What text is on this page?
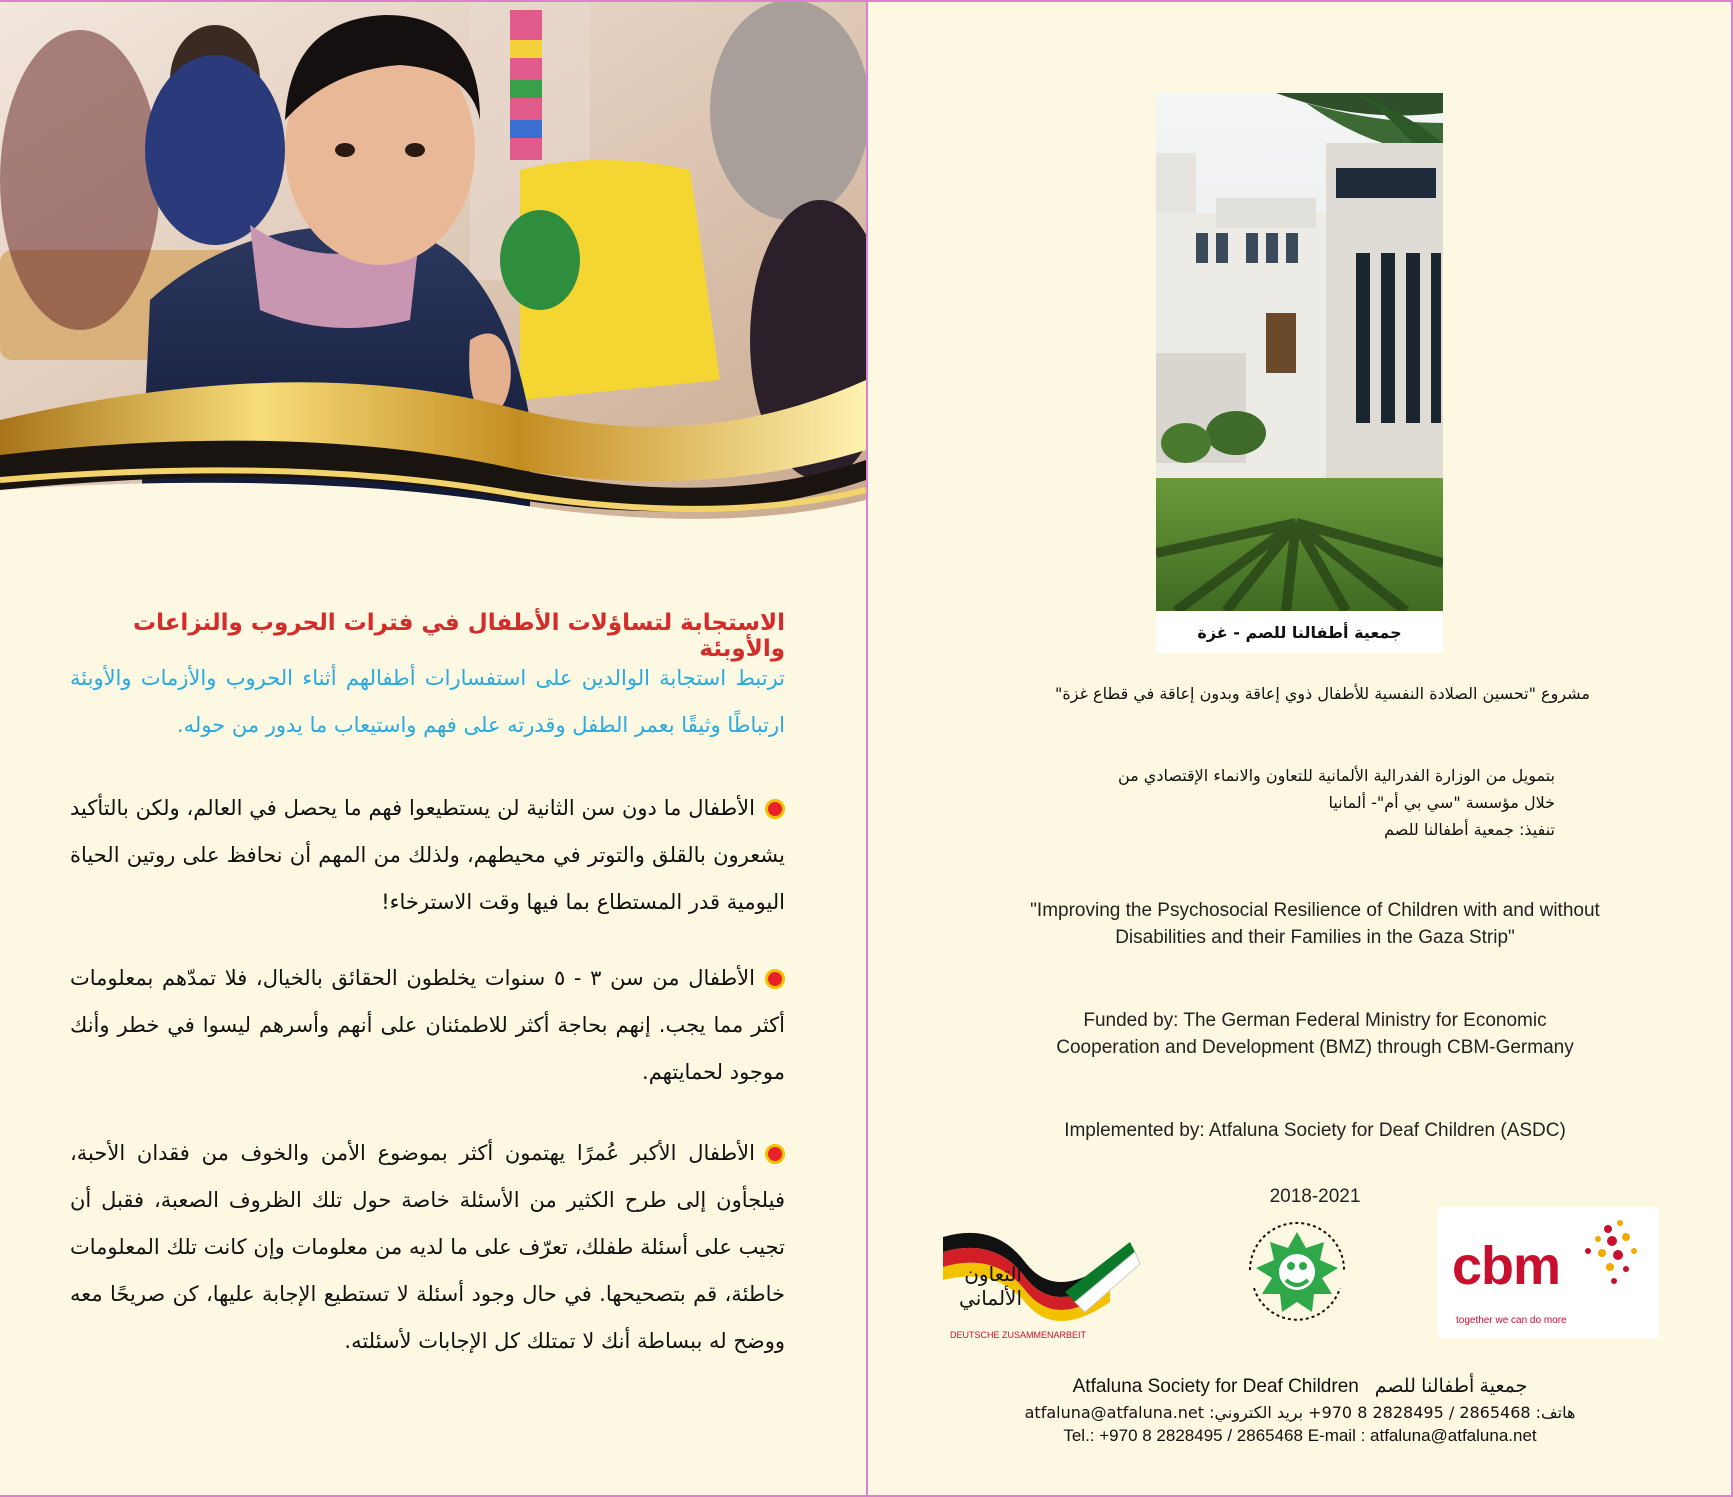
الاستجابة لتساؤلات الأطفال في فترات الحروب والنزاعات والأوبئة
ترتبط استجابة الوالدين على استفسارات أطفالهم أثناء الحروب والأزمات والأوبئة ارتباطًا وثيقًا بعمر الطفل وقدرته على فهم واستيعاب ما يدور من حوله.
الأطفال ما دون سن الثانية لن يستطيعوا فهم ما يحصل في العالم، ولكن بالتأكيد يشعرون بالقلق والتوتر في محيطهم، ولذلك من المهم أن نحافظ على روتين الحياة اليومية قدر المستطاع بما فيها وقت الاسترخاء!
الأطفال من سن ٣ - ٥ سنوات يخلطون الحقائق بالخيال، فلا تمدّهم بمعلومات أكثر مما يجب. إنهم بحاجة أكثر للاطمئنان على أنهم وأسرهم ليسوا في خطر وأنك موجود لحمايتهم.
الأطفال الأكبر عُمرًا يهتمون أكثر بموضوع الأمن والخوف من فقدان الأحبة، فيلجأون إلى طرح الكثير من الأسئلة خاصة حول تلك الظروف الصعبة، فقبل أن تجيب على أسئلة طفلك، تعرّف على ما لديه من معلومات وإن كانت تلك المعلومات خاطئة، قم بتصحيحها. في حال وجود أسئلة لا تستطيع الإجابة عليها، كن صريحًا معه ووضح له ببساطة أنك لا تمتلك كل الإجابات لأسئلته.
جمعية أطفالنا للصم - غزة
مشروع "تحسين الصلادة النفسية للأطفال ذوي إعاقة وبدون إعاقة في قطاع غزة"
بتمويل من الوزارة الفدرالية الألمانية للتعاون والانماء الإقتصادي من
خلال مؤسسة "سي بي أم"- ألمانيا
تنفيذ: جمعية أطفالنا للصم
"Improving the Psychosocial Resilience of Children with and without Disabilities and their Families in the Gaza Strip"
Funded by: The German Federal Ministry for Economic Cooperation and Development (BMZ) through CBM-Germany
Implemented by: Atfaluna Society for Deaf Children (ASDC)
2018-2021
التعاون الألماني
DEUTSCHE ZUSAMMENARBEIT
cbm
together we can do more
Atfaluna Society for Deaf Children جمعية أطفالنا للصم
هاتف: 2865468 / 2828495 8 970+ بريد الكتروني: atfaluna@atfaluna.net
Tel.: +970 8 2828495 / 2865468 E-mail : atfaluna@atfaluna.net
